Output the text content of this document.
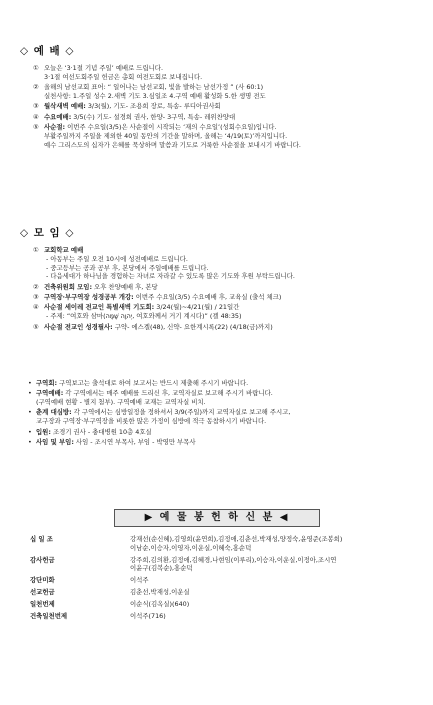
◇ 예 배 ◇
① 오늘은 ‘3·1절 기념 주일’ 예배로 드립니다.
3·1절 여선도회주일 헌금은 총회 여전도회로 보내집니다.
② 올해의 남선교회 표어: “ 일어나는 남선교회, 빛을 발하는 남선가정 ” (사 60:1)
실천사항: 1.주일 성수 2.새벽 기도 3.심일조 4.구역 예배 활성화 5.한 생명 전도
③ 월삭새벽 예배: 3/3(월), 기도- 조용희 장로, 특송- 루디아권사회
④ 수요예배: 3/5(수) 기도- 설경희 권사, 한양- 3구역, 특송- 레위찬양대
⑤ 사순절: 이번주 수요일(3/5)은 사순절이 시작되는 ‘재의 수요일’(성회수요일)입니다.
부활주일까지 주일을 제외한 40일 동안의 기간을 말하며, 올해는 ‘4/19(토)’까지입니다.
예수 그리스도의 십자가 은혜를 묵상하며 말씀과 기도로 거룩한 사순절을 보내시기 바랍니다.
◇ 모 임 ◇
① 교회학교 예배
- 아동부는 주일 오전 10시에 성전예배로 드립니다.
- 중고등부는 공과 공부 후, 본당에서 주일예배를 드립니다.
- 다음세대가 하나님을 경험하는 자녀로 자라갈 수 있도록 많은 기도와 후원 부탁드립니다.
② 건축위원회 모임: 오후 찬양예배 후, 본당
③ 구역장·부구역장 성경공부 개강: 이번주 수요일(3/5) 수요예배 후, 교육실 (출석 체크)
④ 사순절 세이레 전교인 특별새벽 기도회: 3/24(월)~4/21(월) / 21일간
- 주제: “여호와 삼마(יְהוָה שָׁמָּה, 여호와께서 거기 계시다)” (겔 48:35)
⑤ 사순절 전교인 성경필사: 구약- 에스겔(48), 신약- 요한계시록(22) (4/18(금)까지)
• 구역회: 구역보고는 출석대로 하여 보고서는 반드시 제출해 주시기 바랍니다.
• 구역예배: 각 구역에서는 매주 예배를 드리신 후, 교역자실로 보고해 주시기 바랍니다.
(구역예배 현황 - 별지 첨부). 구역예배 교재는 교역자실 비치.
• 춘계 대심방: 각 구역에서는 심방일정을 정하셔서 3/9(주일)까지 교역자실로 보고해 주시고,
교구장과 구역장·부구역장을 비롯한 많은 가정이 심방에 적극 동참하시기 바랍니다.
• 입원: 조경기 권사 - 충대병원 10층 4호실
• 사임 및 부임: 사임 - 조시연 부목사, 부임 - 박영만 부목사
▶ 예 물 봉 헌 하 신 분 ◀
십 일 조	강재선(순신혜),김영희(윤연희),김정애,김춘선,박재성,양정숙,윤영준(조봉희)
이남순,이승자,이영자,이운실,이혜숙,홍순덕
감사헌금	강주희,김의환,김정애,김혜경,나현임(이루리),이승자,이운실,이정아,조시연
이윤구(김복순),홍순덕
강단미화	이석주
선교헌금	김춘선,박재성,이운실
일천번제	이순식(김옥실)(640)
건축일천번제	이석주(716)
